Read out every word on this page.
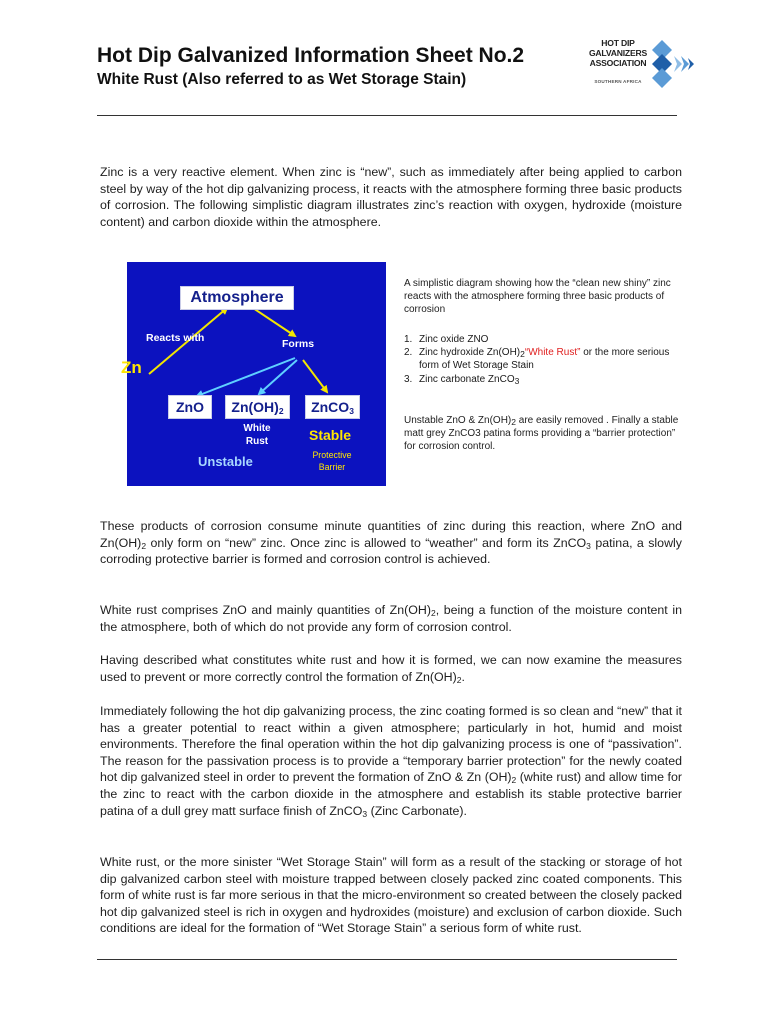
Hot Dip Galvanized Information Sheet No.2
White Rust (Also referred to as Wet Storage Stain)
HOT DIP
GALVANIZERS
ASSOCIATION
SOUTHERN AFRICA

Zinc is a very reactive element. When zinc is “new”, such as immediately after being applied to carbon steel by way of the hot dip galvanizing process, it reacts with the atmosphere forming three basic products of corrosion. The following simplistic diagram illustrates zinc’s reaction with oxygen, hydroxide (moisture content) and carbon dioxide within the atmosphere.

Atmosphere
Reacts with	Forms
Zn
ZnO	$Zn(OH)_2$	ZnCO$_3$
White Rust	Stable
Protective Barrier
Unstable

A simplistic diagram showing how the “clean new shiny” zinc reacts with the atmosphere forming three basic products of corrosion

1. Zinc oxide ZNO
2. Zinc hydroxide $Zn(OH)_2“White$ Rust” or the more serious form of Wet Storage Stain
3. Zinc carbonate ZnCO$_3$

Unstable ZnO & $Zn(OH)_2$ are easily removed . Finally a stable matt grey ZnCO3 patina forms providing a “barrier protection” for corrosion control.

These products of corrosion consume minute quantities of zinc during this reaction, where ZnO and $Zn(OH)_2$ only form on “new” zinc. Once zinc is allowed to “weather” and form its ZnCO$_3$ patina, a slowly corroding protective barrier is formed and corrosion control is achieved.

White rust comprises ZnO and mainly quantities of $Zn(OH)_2$, being a function of the moisture content in the atmosphere, both of which do not provide any form of corrosion control.

Having described what constitutes white rust and how it is formed, we can now examine the measures used to prevent or more correctly control the formation of $Zn(OH)_2$.

Immediately following the hot dip galvanizing process, the zinc coating formed is so clean and “new” that it has a greater potential to react within a given atmosphere; particularly in hot, humid and moist environments. Therefore the final operation within the hot dip galvanizing process is one of “passivation”. The reason for the passivation process is to provide a “temporary barrier protection” for the newly coated hot dip galvanized steel in order to prevent the formation of ZnO & Zn $(OH)_2$ (white rust) and allow time for the zinc to react with the carbon dioxide in the atmosphere and establish its stable protective barrier patina of a dull grey matt surface finish of ZnCO$_3$ (Zinc Carbonate).

White rust, or the more sinister “Wet Storage Stain” will form as a result of the stacking or storage of hot dip galvanized carbon steel with moisture trapped between closely packed zinc coated components. This form of white rust is far more serious in that the micro-environment so created between the closely packed hot dip galvanized steel is rich in oxygen and hydroxides (moisture) and exclusion of carbon dioxide. Such conditions are ideal for the formation of “Wet Storage Stain” a serious form of white rust.
